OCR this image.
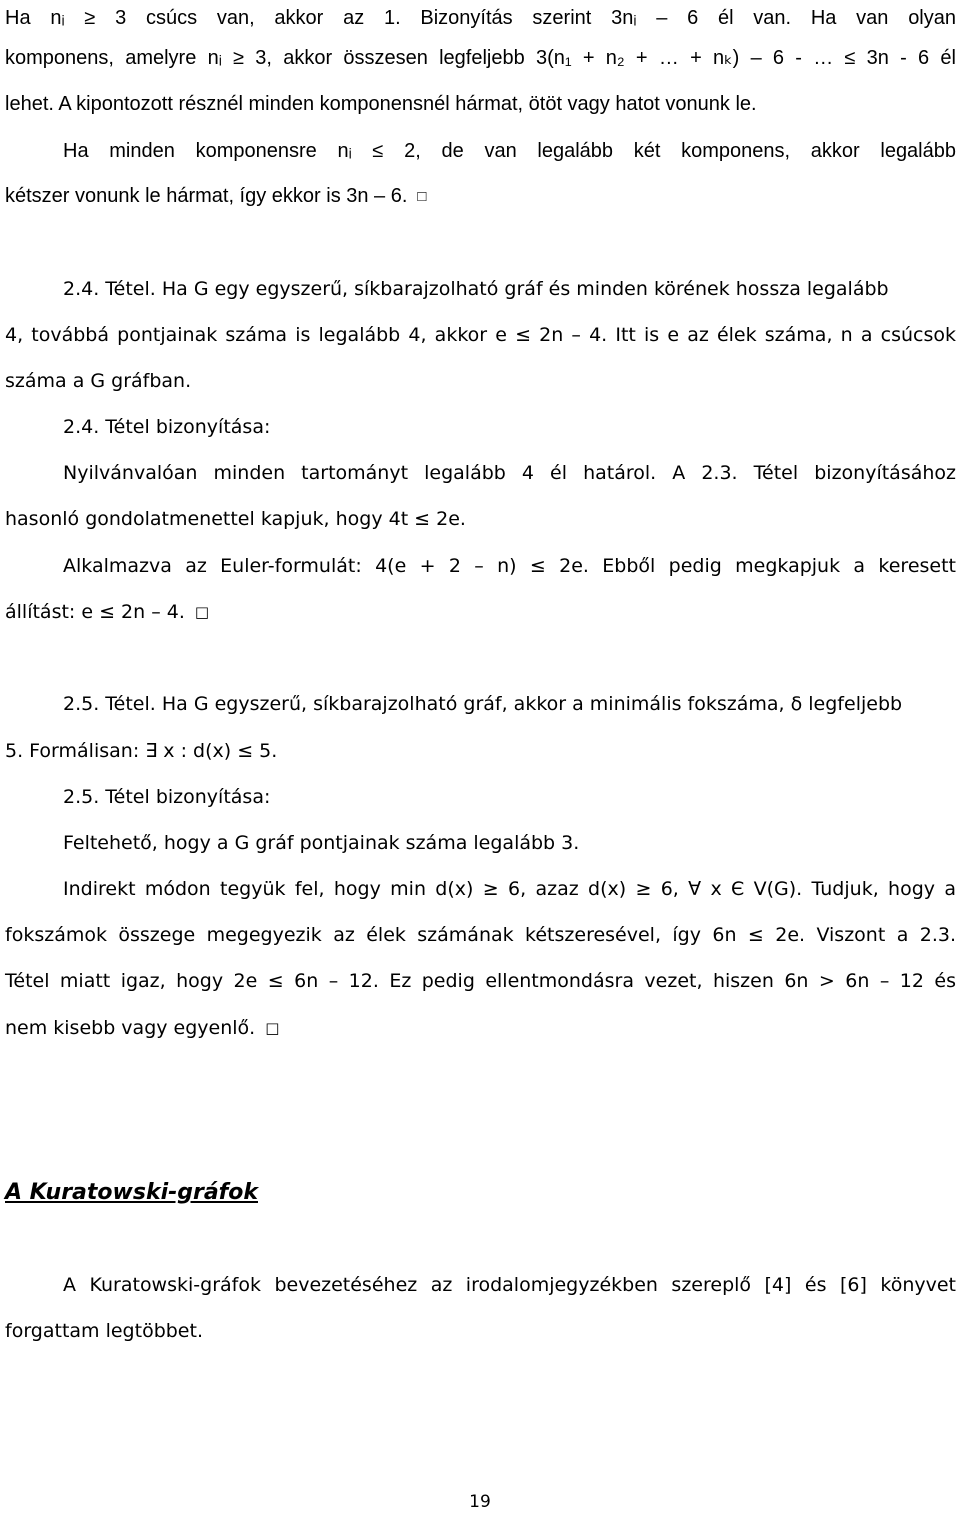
Ha nᵢ ≥ 3 csúcs van, akkor az 1. Bizonyítás szerint 3nᵢ – 6 él van. Ha van olyan

komponens, amelyre nᵢ ≥ 3, akkor összesen legfeljebb 3(n₁ + n₂ + … + nₖ) – 6 - … ≤ 3n - 6 él

lehet. A kipontozott résznél minden komponensnél hármat, ötöt vagy hatot vonunk le.

Ha minden komponensre nᵢ ≤ 2, de van legalább két komponens, akkor legalább

kétszer vonunk le hármat, így ekkor is 3n – 6. □

2.4. Tétel. Ha G egy egyszerű, síkbarajzolható gráf és minden körének hossza legalább

4, továbbá pontjainak száma is legalább 4, akkor e ≤ 2n – 4. Itt is e az élek száma, n a csúcsok

száma a G gráfban.

2.4. Tétel bizonyítása:

Nyilvánvalóan minden tartományt legalább 4 él határol. A 2.3. Tétel bizonyításához

hasonló gondolatmenettel kapjuk, hogy 4t ≤ 2e.

Alkalmazva az Euler-formulát: 4(e + 2 – n) ≤ 2e. Ebből pedig megkapjuk a keresett

állítást: e ≤ 2n – 4. □

2.5. Tétel. Ha G egyszerű, síkbarajzolható gráf, akkor a minimális fokszáma, δ legfeljebb

5. Formálisan: ∃ x : d(x) ≤ 5.

2.5. Tétel bizonyítása:

Feltehető, hogy a G gráf pontjainak száma legalább 3.

Indirekt módon tegyük fel, hogy min d(x) ≥ 6, azaz d(x) ≥ 6, ∀ x Є V(G). Tudjuk, hogy a

fokszámok összege megegyezik az élek számának kétszeresével, így 6n ≤ 2e. Viszont a 2.3.

Tétel miatt igaz, hogy 2e ≤ 6n – 12. Ez pedig ellentmondásra vezet, hiszen 6n > 6n – 12 és

nem kisebb vagy egyenlő. □

A Kuratowski-gráfok

A Kuratowski-gráfok bevezetéséhez az irodalomjegyzékben szereplő [4] és [6] könyvet

forgattam legtöbbet.

19
